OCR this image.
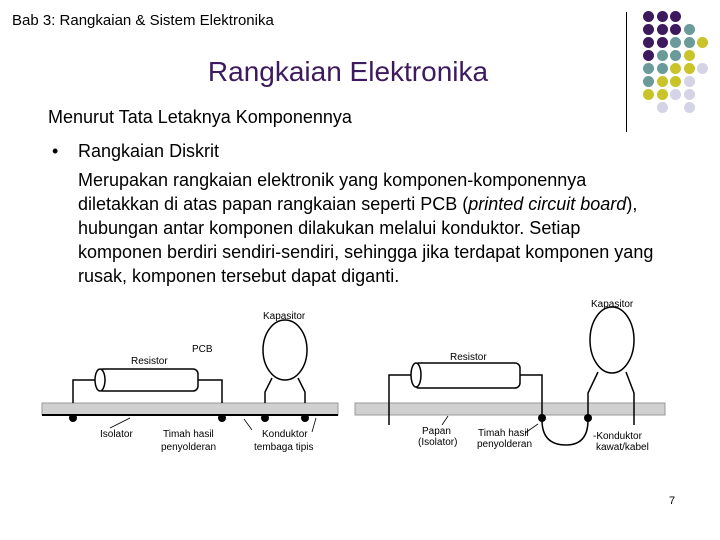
Bab 3: Rangkaian & Sistem Elektronika
Rangkaian Elektronika
Menurut Tata Letaknya Komponennya
• Rangkaian Diskrit
Merupakan rangkaian elektronik yang komponen-komponennya diletakkan di atas papan rangkaian seperti PCB (printed circuit board), hubungan antar komponen dilakukan melalui konduktor. Setiap komponen berdiri sendiri-sendiri, sehingga jika terdapat komponen yang rusak, komponen tersebut dapat diganti.
PCB
Resistor
Kapasitor
Isolator	Timah hasil
penyolderan
Konduktor
tembaga tipis
Resistor
Kapasitor
Papan
(Isolator)
Timah hasil
penyolderan
-Konduktor
kawat/kabel
7
